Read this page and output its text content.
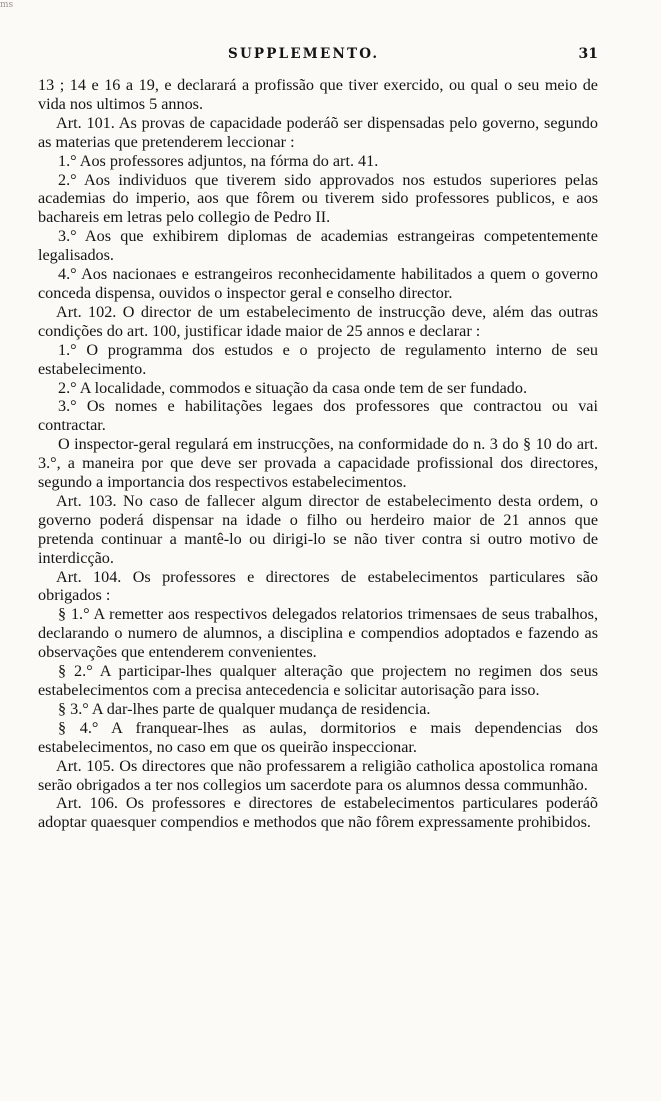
ms
SUPPLEMENTO.	31

13 ; 14 e 16 a 19, e declarará a profissão que tiver exercido, ou qual o seu meio de vida nos ultimos 5 annos.

Art. 101. As provas de capacidade poderáõ ser dispensadas pelo governo, segundo as materias que pretenderem leccionar :

1.° Aos professores adjuntos, na fórma do art. 41.

2.° Aos individuos que tiverem sido approvados nos estudos superiores pelas academias do imperio, aos que fôrem ou tiverem sido professores publicos, e aos bachareis em letras pelo collegio de Pedro II.

3.° Aos que exhibirem diplomas de academias estrangeiras competentemente legalisados.

4.° Aos nacionaes e estrangeiros reconhecidamente habilitados a quem o governo conceda dispensa, ouvidos o inspector geral e conselho director.

Art. 102. O director de um estabelecimento de instrucção deve, além das outras condições do art. 100, justificar idade maior de 25 annos e declarar :

1.° O programma dos estudos e o projecto de regulamento interno de seu estabelecimento.

2.° A localidade, commodos e situação da casa onde tem de ser fundado.

3.° Os nomes e habilitações legaes dos professores que contractou ou vai contractar.

O inspector-geral regulará em instrucções, na conformidade do n. 3 do § 10 do art. 3.°, a maneira por que deve ser provada a capacidade profissional dos directores, segundo a importancia dos respectivos estabelecimentos.

Art. 103. No caso de fallecer algum director de estabelecimento desta ordem, o governo poderá dispensar na idade o filho ou herdeiro maior de 21 annos que pretenda continuar a mantê-lo ou dirigi-lo se não tiver contra si outro motivo de interdicção.

Art. 104. Os professores e directores de estabelecimentos particulares são obrigados :

§ 1.° A remetter aos respectivos delegados relatorios trimensaes de seus trabalhos, declarando o numero de alumnos, a disciplina e compendios adoptados e fazendo as observações que entenderem convenientes.

§ 2.° A participar-lhes qualquer alteração que projectem no regimen dos seus estabelecimentos com a precisa antecedencia e solicitar autorisação para isso.

§ 3.° A dar-lhes parte de qualquer mudança de residencia.

§ 4.° A franquear-lhes as aulas, dormitorios e mais dependencias dos estabelecimentos, no caso em que os queirão inspeccionar.

Art. 105. Os directores que não professarem a religião catholica apostolica romana serão obrigados a ter nos collegios um sacerdote para os alumnos dessa communhão.

Art. 106. Os professores e directores de estabelecimentos particulares poderáõ adoptar quaesquer compendios e methodos que não fôrem expressamente prohibidos.
